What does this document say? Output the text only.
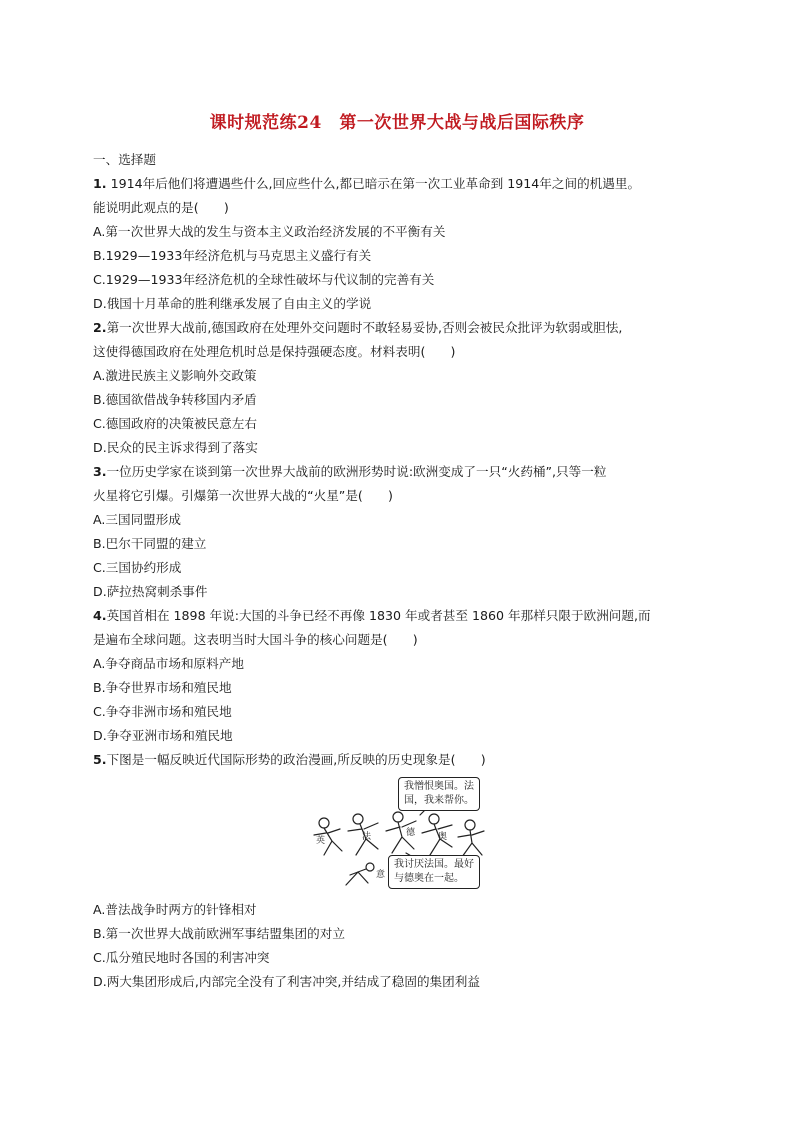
课时规范练24　第一次世界大战与战后国际秩序
一、选择题
1. 1914年后他们将遭遇些什么,回应些什么,都已暗示在第一次工业革命到 1914年之间的机遇里。
能说明此观点的是(　　)
A.第一次世界大战的发生与资本主义政治经济发展的不平衡有关
B.1929—1933年经济危机与马克思主义盛行有关
C.1929—1933年经济危机的全球性破坏与代议制的完善有关
D.俄国十月革命的胜利继承发展了自由主义的学说
2.第一次世界大战前,德国政府在处理外交问题时不敢轻易妥协,否则会被民众批评为软弱或胆怯,
这使得德国政府在处理危机时总是保持强硬态度。材料表明(　　)
A.激进民族主义影响外交政策
B.德国欲借战争转移国内矛盾
C.德国政府的决策被民意左右
D.民众的民主诉求得到了落实
3.一位历史学家在谈到第一次世界大战前的欧洲形势时说:欧洲变成了一只“火药桶”,只等一粒
火星将它引爆。引爆第一次世界大战的“火星”是(　　)
A.三国同盟形成
B.巴尔干同盟的建立
C.三国协约形成
D.萨拉热窝刺杀事件
4.英国首相在 1898 年说:大国的斗争已经不再像 1830 年或者甚至 1860 年那样只限于欧洲问题,而
是遍布全球问题。这表明当时大国斗争的核心问题是(　　)
A.争夺商品市场和原料产地
B.争夺世界市场和殖民地
C.争夺非洲市场和殖民地
D.争夺亚洲市场和殖民地
5.下图是一幅反映近代国际形势的政治漫画,所反映的历史现象是(　　)
英	法	德	奥
意
我憎恨奥国。法
国，我来帮你。
我讨厌法国。最好
与德奥在一起。
A.普法战争时两方的针锋相对
B.第一次世界大战前欧洲军事结盟集团的对立
C.瓜分殖民地时各国的利害冲突
D.两大集团形成后,内部完全没有了利害冲突,并结成了稳固的集团利益
